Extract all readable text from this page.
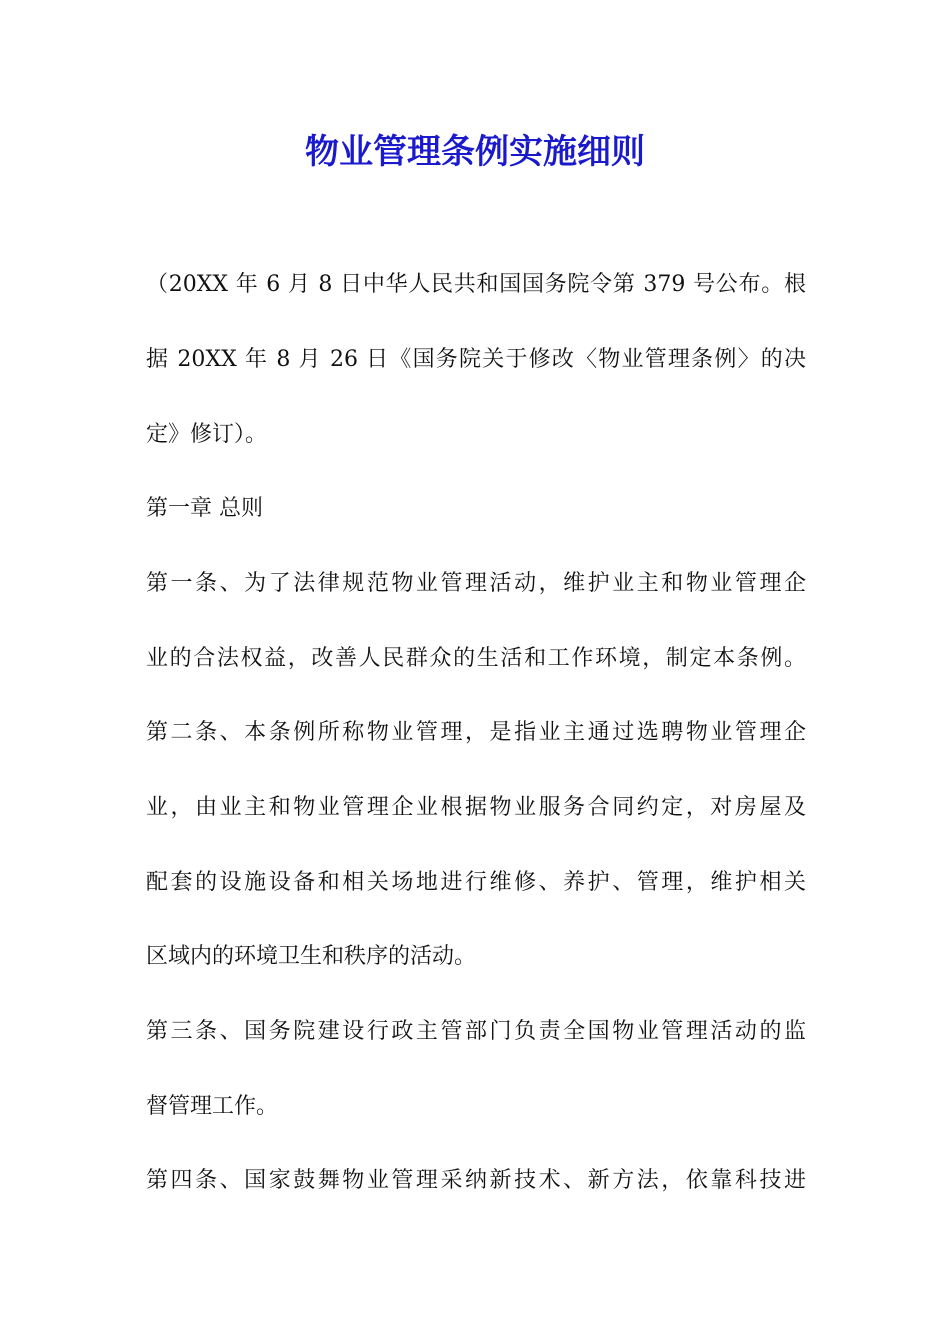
物业管理条例实施细则
（20XX 年 6 月 8 日中华人民共和国国务院令第 379 号公布。根
据 20XX 年 8 月 26 日《国务院关于修改〈物业管理条例〉的决
定》修订）。
第一章 总则
第一条、为了法律规范物业管理活动，维护业主和物业管理企
业的合法权益，改善人民群众的生活和工作环境，制定本条例。
第二条、本条例所称物业管理，是指业主通过选聘物业管理企
业，由业主和物业管理企业根据物业服务合同约定，对房屋及
配套的设施设备和相关场地进行维修、养护、管理，维护相关
区域内的环境卫生和秩序的活动。
第三条、国务院建设行政主管部门负责全国物业管理活动的监
督管理工作。
第四条、国家鼓舞物业管理采纳新技术、新方法，依靠科技进
